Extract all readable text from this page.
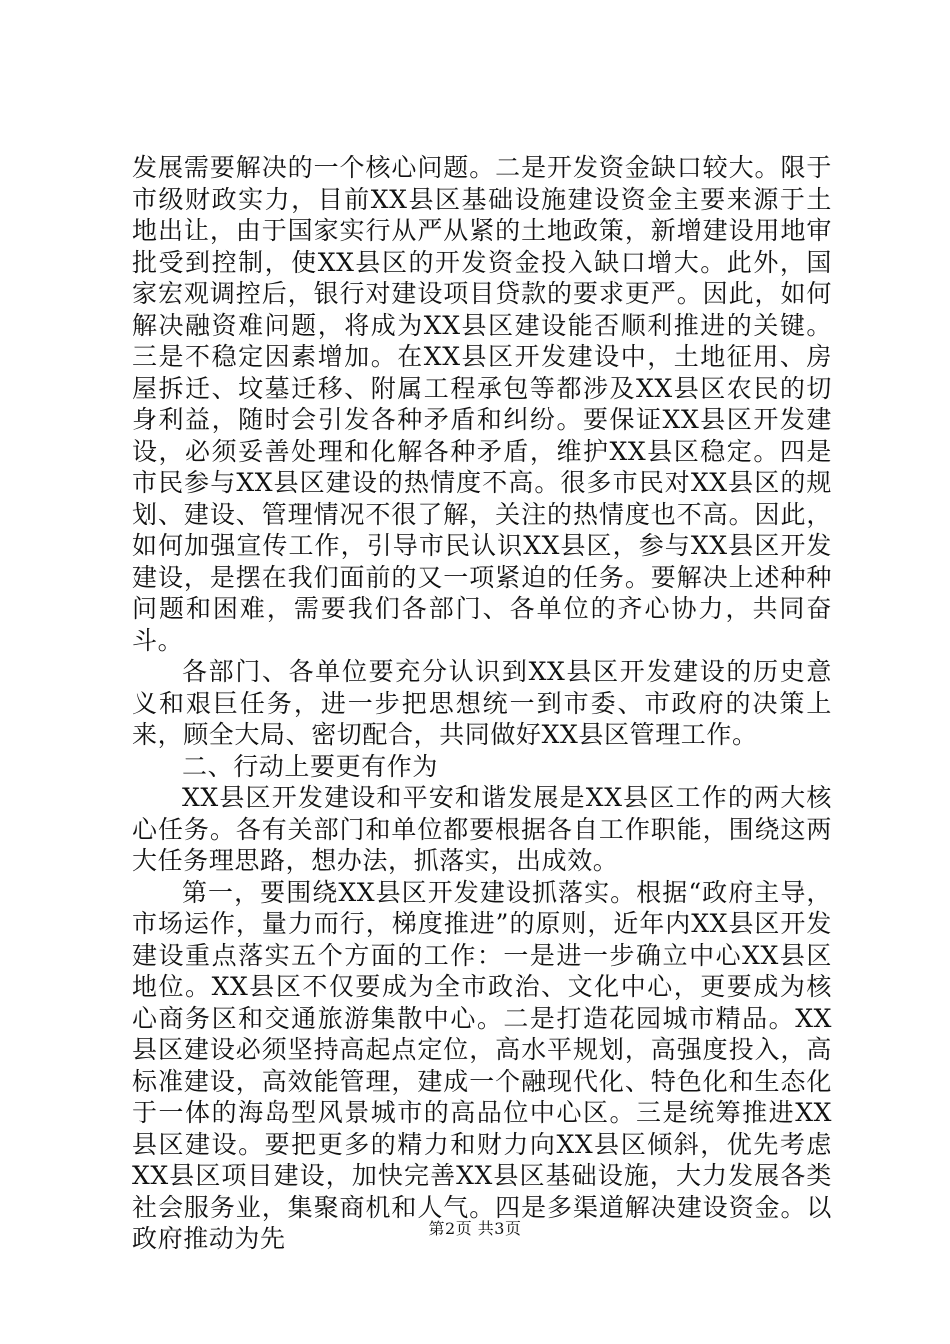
发展需要解决的一个核心问题。二是开发资金缺口较大。限于市级财政实力，目前XX县区基础设施建设资金主要来源于土地出让，由于国家实行从严从紧的土地政策，新增建设用地审批受到控制，使XX县区的开发资金投入缺口增大。此外，国家宏观调控后，银行对建设项目贷款的要求更严。因此，如何解决融资难问题，将成为XX县区建设能否顺利推进的关键。三是不稳定因素增加。在XX县区开发建设中，土地征用、房屋拆迁、坟墓迁移、附属工程承包等都涉及XX县区农民的切身利益，随时会引发各种矛盾和纠纷。要保证XX县区开发建设，必须妥善处理和化解各种矛盾，维护XX县区稳定。四是市民参与XX县区建设的热情度不高。很多市民对XX县区的规划、建设、管理情况不很了解，关注的热情度也不高。因此，如何加强宣传工作，引导市民认识XX县区，参与XX县区开发建设，是摆在我们面前的又一项紧迫的任务。要解决上述种种问题和困难，需要我们各部门、各单位的齐心协力，共同奋斗。

各部门、各单位要充分认识到XX县区开发建设的历史意义和艰巨任务，进一步把思想统一到市委、市政府的决策上来，顾全大局、密切配合，共同做好XX县区管理工作。

二、行动上要更有作为

XX县区开发建设和平安和谐发展是XX县区工作的两大核心任务。各有关部门和单位都要根据各自工作职能，围绕这两大任务理思路，想办法，抓落实，出成效。

第一，要围绕XX县区开发建设抓落实。根据“政府主导，市场运作，量力而行，梯度推进”的原则，近年内XX县区开发建设重点落实五个方面的工作：一是进一步确立中心XX县区地位。XX县区不仅要成为全市政治、文化中心，更要成为核心商务区和交通旅游集散中心。二是打造花园城市精品。XX县区建设必须坚持高起点定位，高水平规划，高强度投入，高标准建设，高效能管理，建成一个融现代化、特色化和生态化于一体的海岛型风景城市的高品位中心区。三是统筹推进XX县区建设。要把更多的精力和财力向XX县区倾斜，优先考虑XX县区项目建设，加快完善XX县区基础设施，大力发展各类社会服务业，集聚商机和人气。四是多渠道解决建设资金。以政府推动为先	第2页 共3页
